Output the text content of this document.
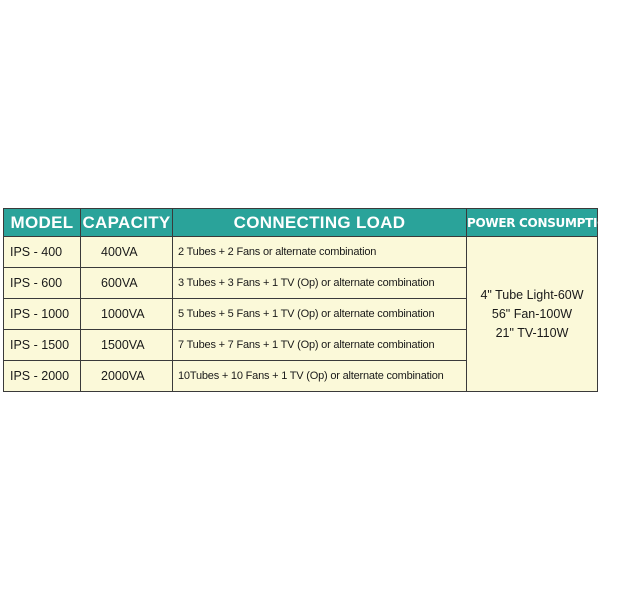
MODEL	CAPACITY	CONNECTING LOAD	POWER CONSUMPTION
IPS - 400	400VA	2 Tubes + 2 Fans or alternate combination	4" Tube Light-60W
56" Fan-100W
21" TV-110W

IPS - 600	600VA	3 Tubes + 3 Fans + 1 TV (Op) or alternate combination	
IPS - 1000	1000VA	5 Tubes + 5 Fans + 1 TV (Op) or alternate combination	
IPS - 1500	1500VA	7 Tubes + 7 Fans + 1 TV (Op) or alternate combination	
IPS - 2000	2000VA	10Tubes + 10 Fans + 1 TV (Op) or alternate combination	
